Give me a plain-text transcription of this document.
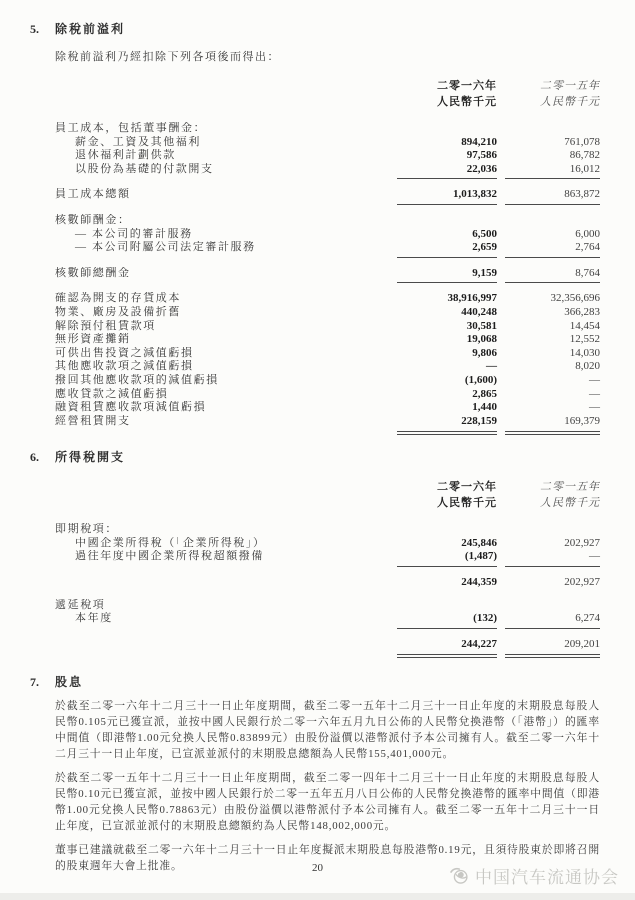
5. 除稅前溢利
除稅前溢利乃經扣除下列各項後而得出：
二零一六年	二零一五年
人民幣千元	人民幣千元
員工成本，包括董事酬金：
薪金、工資及其他福利	894,210	761,078
退休福利計劃供款	97,586	86,782
以股份為基礎的付款開支	22,036	16,012
員工成本總額	1,013,832	863,872
核數師酬金：
— 本公司的審計服務	6,500	6,000
— 本公司附屬公司法定審計服務	2,659	2,764
核數師總酬金	9,159	8,764
確認為開支的存貨成本	38,916,997	32,356,696
物業、廠房及設備折舊	440,248	366,283
解除預付租賃款項	30,581	14,454
無形資產攤銷	19,068	12,552
可供出售投資之減值虧損	9,806	14,030
其他應收款項之減值虧損	—	8,020
撥回其他應收款項的減值虧損	(1,600)	—
應收貸款之減值虧損	2,865	—
融資租賃應收款項減值虧損	1,440	—
經營租賃開支	228,159	169,379
6. 所得稅開支
二零一六年	二零一五年
人民幣千元	人民幣千元
即期稅項：
中國企業所得稅（「企業所得稅」）	245,846	202,927
過往年度中國企業所得稅超額撥備	(1,487)	—
244,359	202,927
遞延稅項
本年度	(132)	6,274
244,227	209,201
7. 股息
於截至二零一六年十二月三十一日止年度期間，截至二零一五年十二月三十一日止年度的末期股息每股人民幣0.105元已獲宣派，並按中國人民銀行於二零一六年五月九日公佈的人民幣兌換港幣（「港幣」）的匯率中間值（即港幣1.00元兌換人民幣0.83899元）由股份溢價以港幣派付予本公司擁有人。截至二零一六年十二月三十一日止年度，已宣派並派付的末期股息總額為人民幣155,401,000元。
於截至二零一五年十二月三十一日止年度期間，截至二零一四年十二月三十一日止年度的末期股息每股人民幣0.10元已獲宣派，並按中國人民銀行於二零一五年五月八日公佈的人民幣兌換港幣的匯率中間值（即港幣1.00元兌換人民幣0.78863元）由股份溢價以港幣派付予本公司擁有人。截至二零一五年十二月三十一日止年度，已宣派並派付的末期股息總額約為人民幣148,002,000元。
董事已建議就截至二零一六年十二月三十一日止年度擬派末期股息每股港幣0.19元，且須待股東於即將召開的股東週年大會上批准。	20	中国汽车流通协会
